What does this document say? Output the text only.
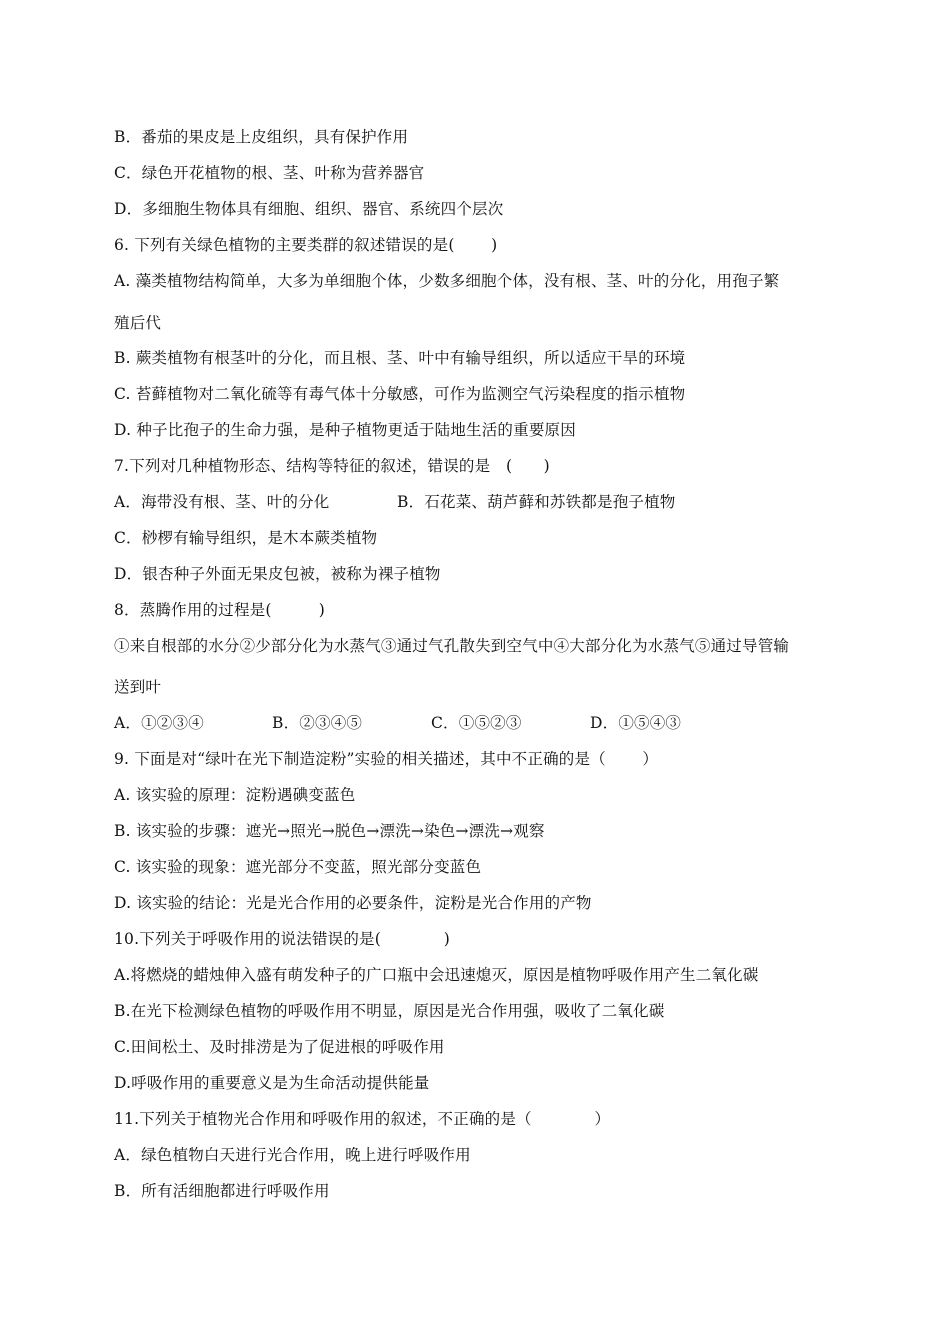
B．番茄的果皮是上皮组织，具有保护作用
C．绿色开花植物的根、茎、叶称为营养器官
D．多细胞生物体具有细胞、组织、器官、系统四个层次
6. 下列有关绿色植物的主要类群的叙述错误的是(　　 )
A. 藻类植物结构简单，大多为单细胞个体，少数多细胞个体，没有根、茎、叶的分化，用孢子繁
殖后代
B. 蕨类植物有根茎叶的分化，而且根、茎、叶中有输导组织，所以适应干旱的环境
C. 苔藓植物对二氧化硫等有毒气体十分敏感，可作为监测空气污染程度的指示植物
D. 种子比孢子的生命力强，是种子植物更适于陆地生活的重要原因
7.下列对几种植物形态、结构等特征的叙述，错误的是　(　　)
A．海带没有根、茎、叶的分化	B．石花菜、葫芦藓和苏铁都是孢子植物
C．桫椤有输导组织，是木本蕨类植物
D．银杏种子外面无果皮包被，被称为裸子植物
8．蒸腾作用的过程是(　　　)
①来自根部的水分②少部分化为水蒸气③通过气孔散失到空气中④大部分化为水蒸气⑤通过导管输
送到叶
A．①②③④	B．②③④⑤	C．①⑤②③	D．①⑤④③
9. 下面是对“绿叶在光下制造淀粉”实验的相关描述，其中不正确的是（　　 ）
A. 该实验的原理：淀粉遇碘变蓝色
B. 该实验的步骤：遮光→照光→脱色→漂洗→染色→漂洗→观察
C. 该实验的现象：遮光部分不变蓝，照光部分变蓝色
D. 该实验的结论：光是光合作用的必要条件，淀粉是光合作用的产物
10.下列关于呼吸作用的说法错误的是(　　　　)
A.将燃烧的蜡烛伸入盛有萌发种子的广口瓶中会迅速熄灭，原因是植物呼吸作用产生二氧化碳
B.在光下检测绿色植物的呼吸作用不明显，原因是光合作用强，吸收了二氧化碳
C.田间松土、及时排涝是为了促进根的呼吸作用
D.呼吸作用的重要意义是为生命活动提供能量
11.下列关于植物光合作用和呼吸作用的叙述，不正确的是（　　　　）
A．绿色植物白天进行光合作用，晚上进行呼吸作用
B．所有活细胞都进行呼吸作用
